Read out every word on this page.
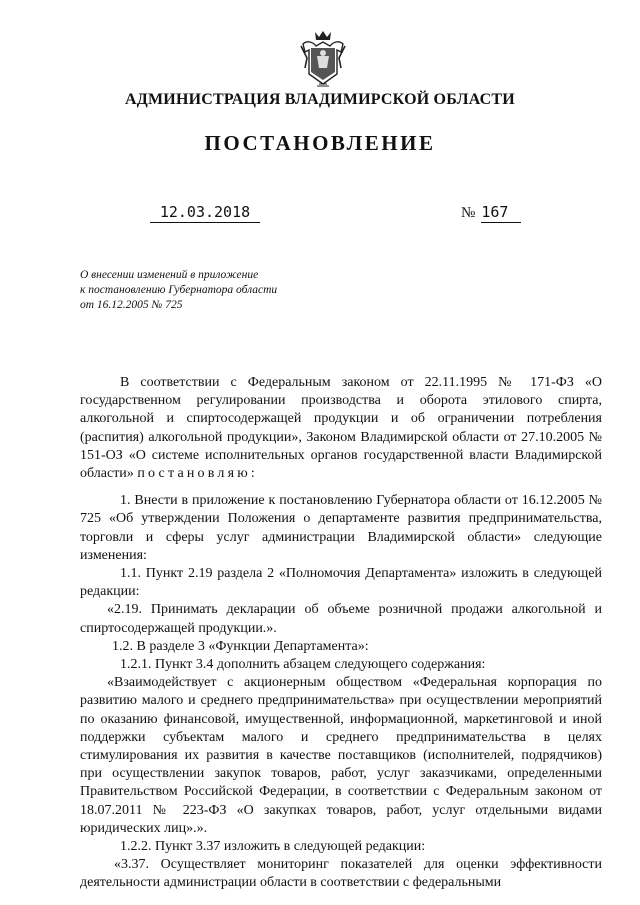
АДМИНИСТРАЦИЯ ВЛАДИМИРСКОЙ ОБЛАСТИ
ПОСТАНОВЛЕНИЕ
12.03.2018	№ 167
О внесении изменений в приложение
к постановлению Губернатора области
от 16.12.2005 № 725

В соответствии с Федеральным законом от 22.11.1995 № 171-ФЗ «О государственном регулировании производства и оборота этилового спирта, алкогольной и спиртосодержащей продукции и об ограничении потребления (распития) алкогольной продукции», Законом Владимирской области от 27.10.2005 № 151-ОЗ «О системе исполнительных органов государственной власти Владимирской области» постановляю:

1. Внести в приложение к постановлению Губернатора области от 16.12.2005 № 725 «Об утверждении Положения о департаменте развития предпринимательства, торговли и сферы услуг администрации Владимирской области» следующие изменения:

1.1. Пункт 2.19 раздела 2 «Полномочия Департамента» изложить в следующей редакции:

«2.19. Принимать декларации об объеме розничной продажи алкогольной и спиртосодержащей продукции.».

1.2. В разделе 3 «Функции Департамента»:

1.2.1. Пункт 3.4 дополнить абзацем следующего содержания:

«Взаимодействует с акционерным обществом «Федеральная корпорация по развитию малого и среднего предпринимательства» при осуществлении мероприятий по оказанию финансовой, имущественной, информационной, маркетинговой и иной поддержки субъектам малого и среднего предпринимательства в целях стимулирования их развития в качестве поставщиков (исполнителей, подрядчиков) при осуществлении закупок товаров, работ, услуг заказчиками, определенными Правительством Российской Федерации, в соответствии с Федеральным законом от 18.07.2011 № 223-ФЗ «О закупках товаров, работ, услуг отдельными видами юридических лиц».».

1.2.2. Пункт 3.37 изложить в следующей редакции:

«3.37. Осуществляет мониторинг показателей для оценки эффективности деятельности администрации области в соответствии с федеральными
